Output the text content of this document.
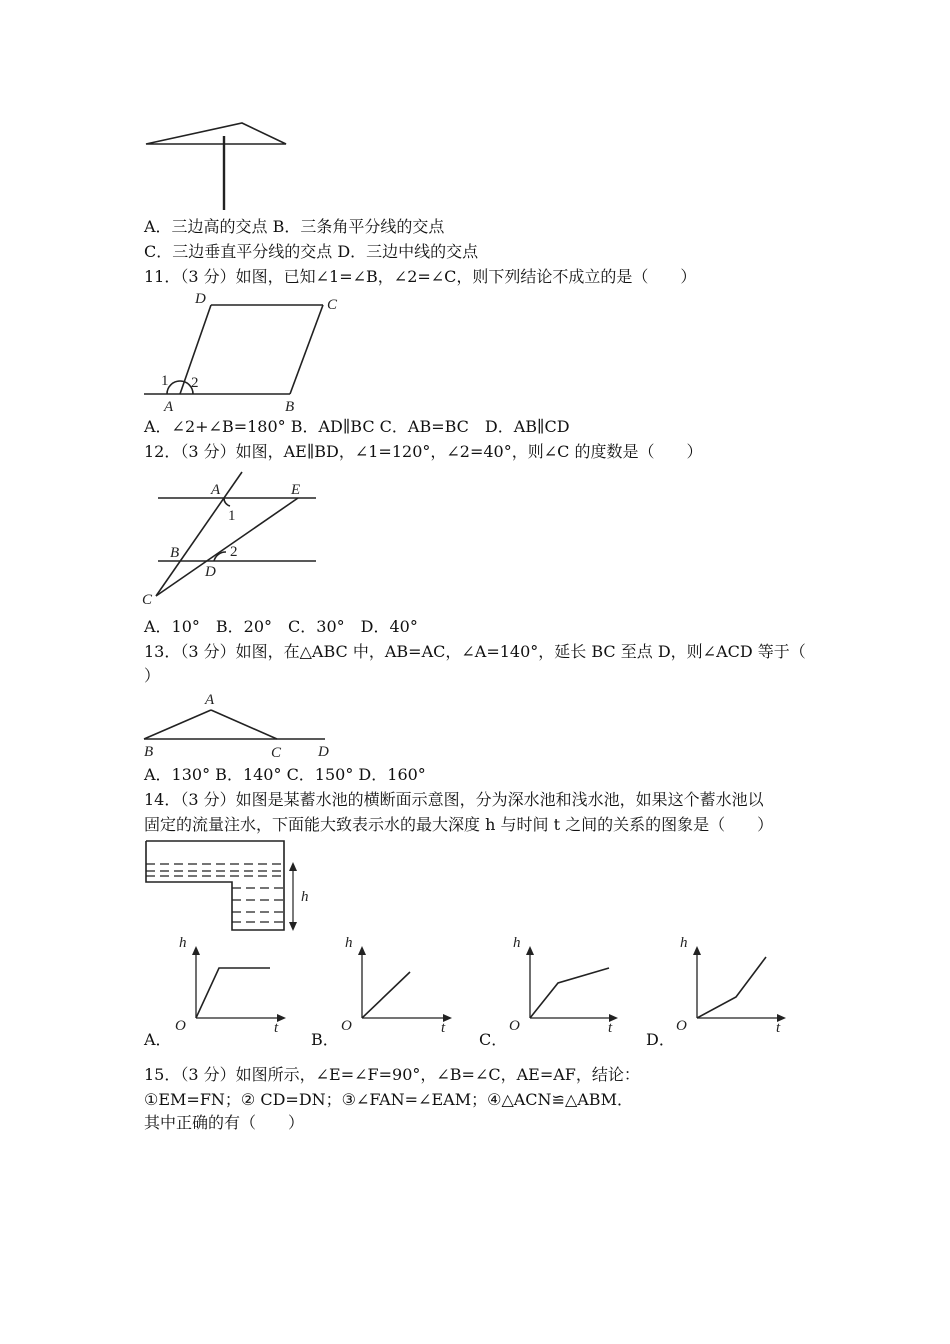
A．三边高的交点 B．三条角平分线的交点
C．三边垂直平分线的交点 D．三边中线的交点
11．（3 分）如图，已知∠1=∠B，∠2=∠C，则下列结论不成立的是（　　）
D	C
A	B
1 2
A．∠2+∠B=180° B．AD∥BC C．AB=BC　D．AB∥CD
12．（3 分）如图，AE∥BD，∠1=120°，∠2=40°，则∠C 的度数是（　　）
A	E
1
B	2
D
C
A．10°　B．20°　C．30°　D．40°
13．（3 分）如图，在△ABC 中，AB=AC，∠A=140°，延长 BC 至点 D，则∠ACD 等于（
）
A
B	C D
A．130° B．140° C．150° D．160°
14．（3 分）如图是某蓄水池的横断面示意图，分为深水池和浅水池，如果这个蓄水池以
固定的流量注水，下面能大致表示水的最大深度 h 与时间 t 之间的关系的图象是（　　）
h
h
t
O
h
t
O
h
t
O
h
t
O
A．	B．	C．	D．
15．（3 分）如图所示，∠E=∠F=90°，∠B=∠C，AE=AF，结论：
①EM=FN；② CD=DN；③∠FAN=∠EAM；④△ACN≌△ABM．
其中正确的有（　　）
